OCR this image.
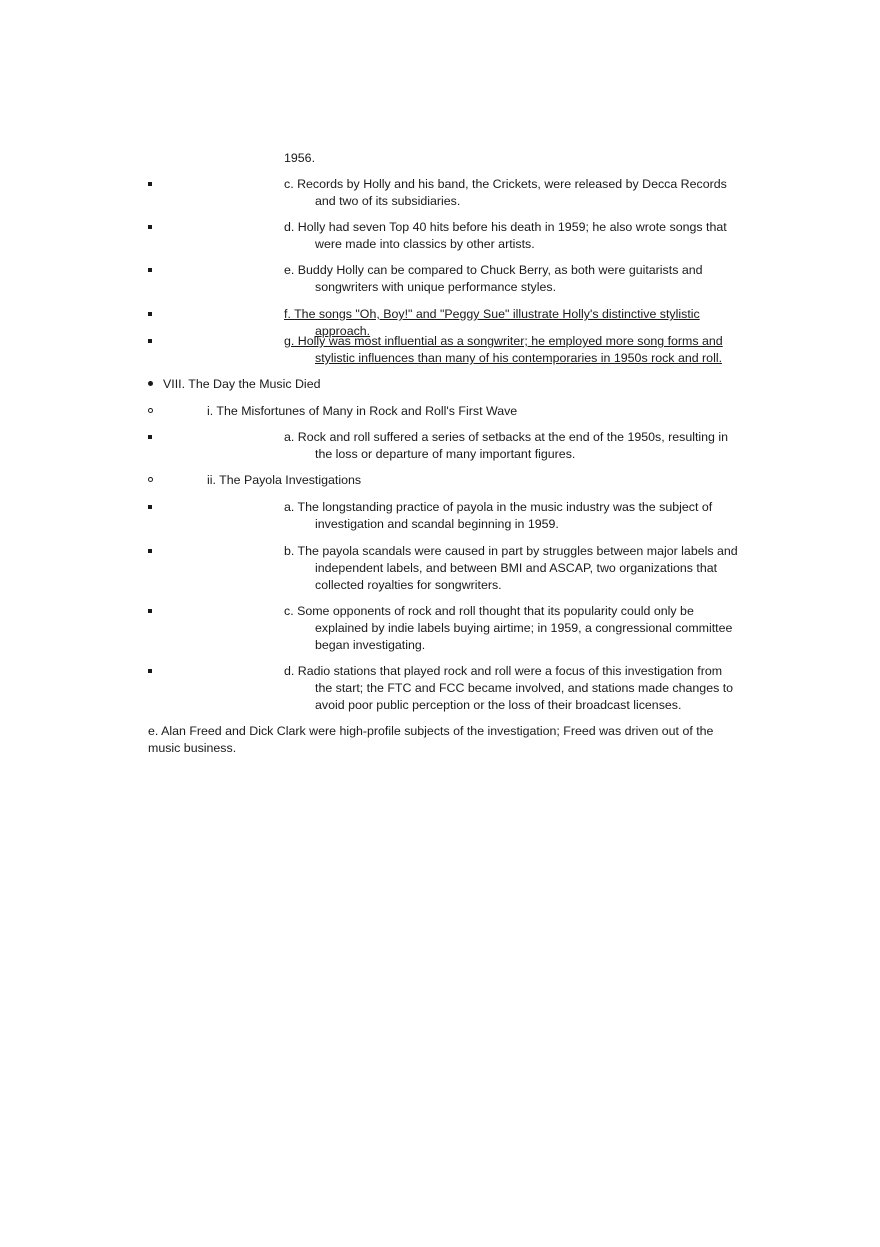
1956.
c. Records by Holly and his band, the Crickets, were released by Decca Records and two of its subsidiaries.
d. Holly had seven Top 40 hits before his death in 1959; he also wrote songs that were made into classics by other artists.
e. Buddy Holly can be compared to Chuck Berry, as both were guitarists and songwriters with unique performance styles.
f. The songs "Oh, Boy!" and "Peggy Sue" illustrate Holly's distinctive stylistic approach.
g. Holly was most influential as a songwriter; he employed more song forms and stylistic influences than many of his contemporaries in 1950s rock and roll.
VIII. The Day the Music Died
i. The Misfortunes of Many in Rock and Roll's First Wave
a. Rock and roll suffered a series of setbacks at the end of the 1950s, resulting in the loss or departure of many important figures.
ii. The Payola Investigations
a. The longstanding practice of payola in the music industry was the subject of investigation and scandal beginning in 1959.
b. The payola scandals were caused in part by struggles between major labels and independent labels, and between BMI and ASCAP, two organizations that collected royalties for songwriters.
c. Some opponents of rock and roll thought that its popularity could only be explained by indie labels buying airtime; in 1959, a congressional committee began investigating.
d. Radio stations that played rock and roll were a focus of this investigation from the start; the FTC and FCC became involved, and stations made changes to avoid poor public perception or the loss of their broadcast licenses.
e. Alan Freed and Dick Clark were high-profile subjects of the investigation; Freed was driven out of the music business.
